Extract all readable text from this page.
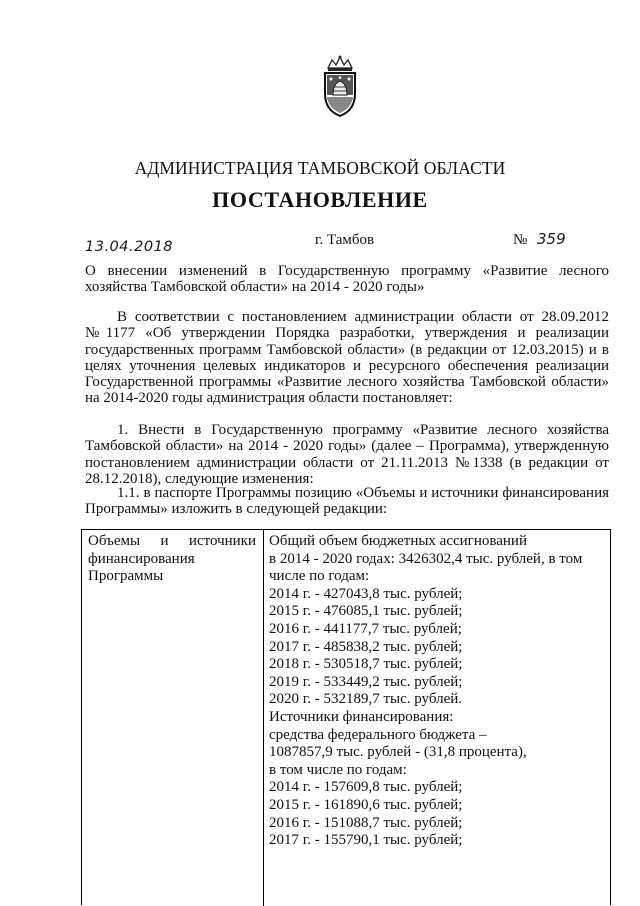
АДМИНИСТРАЦИЯ ТАМБОВСКОЙ ОБЛАСТИ
ПОСТАНОВЛЕНИЕ
13.04.2018	г. Тамбов	№ 359
О внесении изменений в Государственную программу «Развитие лесного хозяйства Тамбовской области» на 2014 - 2020 годы»
В соответствии с постановлением администрации области от 28.09.2012 №1177 «Об утверждении Порядка разработки, утверждения и реализации государственных программ Тамбовской области» (в редакции от 12.03.2015) и в целях уточнения целевых индикаторов и ресурсного обеспечения реализации Государственной программы «Развитие лесного хозяйства Тамбовской области» на 2014-2020 годы администрация области постановляет:
1. Внести в Государственную программу «Развитие лесного хозяйства Тамбовской области» на 2014 - 2020 годы» (далее – Программа), утвержденную постановлением администрации области от 21.11.2013 №1338 (в редакции от 28.12.2018), следующие изменения:
1.1. в паспорте Программы позицию «Объемы и источники финансирования Программы» изложить в следующей редакции:
Объемы и источники
финансирования
Программы
Общий объем бюджетных ассигнований
в 2014 - 2020 годах: 3426302,4 тыс. рублей, в том
числе по годам:
2014 г. - 427043,8 тыс. рублей;
2015 г. - 476085,1 тыс. рублей;
2016 г. - 441177,7 тыс. рублей;
2017 г. - 485838,2 тыс. рублей;
2018 г. - 530518,7 тыс. рублей;
2019 г. - 533449,2 тыс. рублей;
2020 г. - 532189,7 тыс. рублей.
Источники финансирования:
средства федерального бюджета –
1087857,9 тыс. рублей - (31,8 процента),
в том числе по годам:
2014 г. - 157609,8 тыс. рублей;
2015 г. - 161890,6 тыс. рублей;
2016 г. - 151088,7 тыс. рублей;
2017 г. - 155790,1 тыс. рублей;
